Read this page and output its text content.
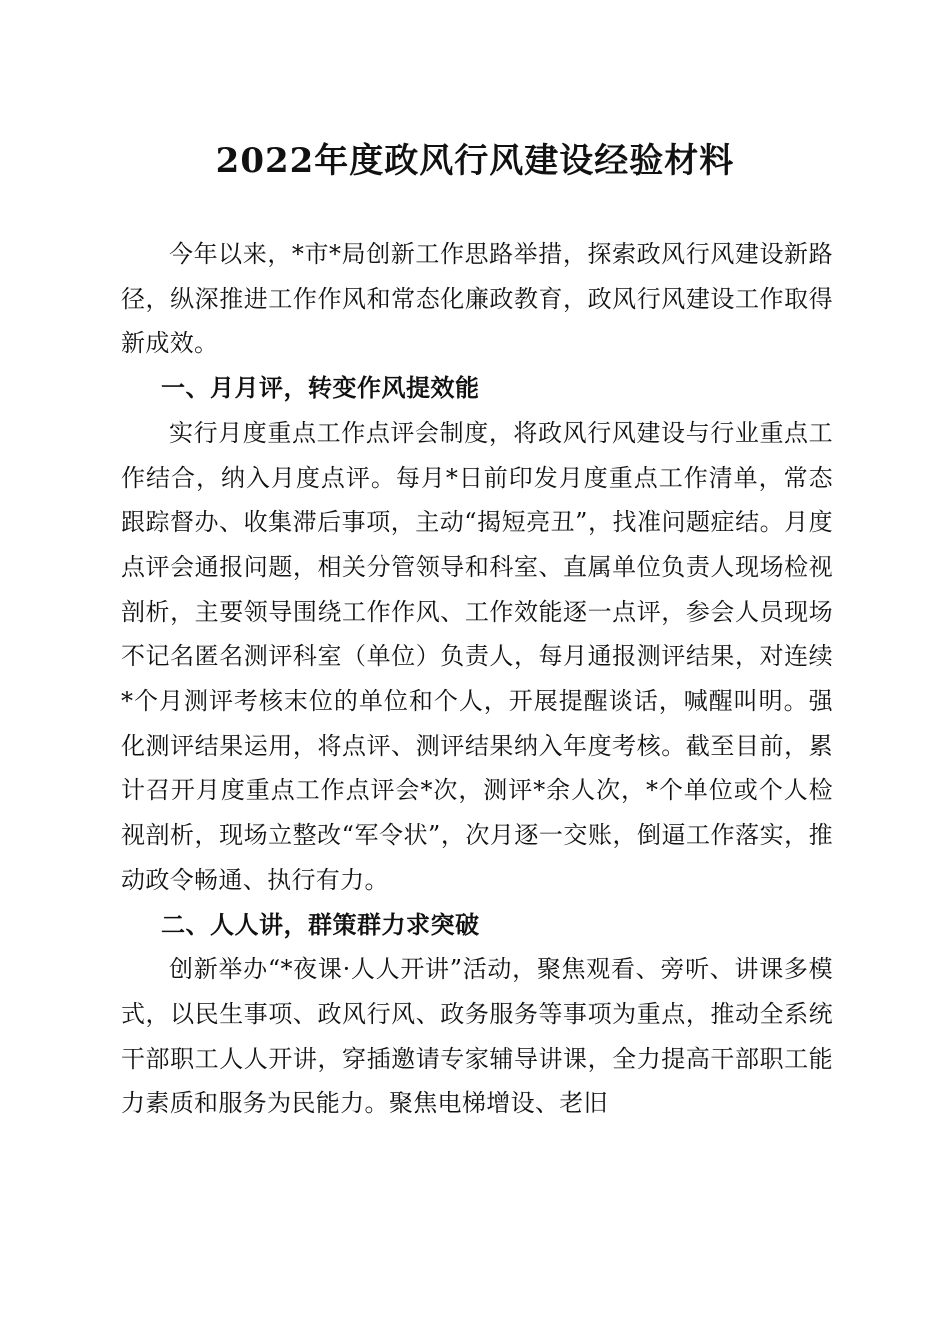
2022年度政风行风建设经验材料

今年以来，*市*局创新工作思路举措，探索政风行风建设新路径，纵深推进工作作风和常态化廉政教育，政风行风建设工作取得新成效。

一、月月评，转变作风提效能

实行月度重点工作点评会制度，将政风行风建设与行业重点工作结合，纳入月度点评。每月*日前印发月度重点工作清单，常态跟踪督办、收集滞后事项，主动“揭短亮丑”，找准问题症结。月度点评会通报问题，相关分管领导和科室、直属单位负责人现场检视剖析，主要领导围绕工作作风、工作效能逐一点评，参会人员现场不记名匿名测评科室（单位）负责人，每月通报测评结果，对连续*个月测评考核末位的单位和个人，开展提醒谈话，喊醒叫明。强化测评结果运用，将点评、测评结果纳入年度考核。截至目前，累计召开月度重点工作点评会*次，测评*余人次，*个单位或个人检视剖析，现场立整改“军令状”，次月逐一交账，倒逼工作落实，推动政令畅通、执行有力。

二、人人讲，群策群力求突破

创新举办“*夜课·人人开讲”活动，聚焦观看、旁听、讲课多模式，以民生事项、政风行风、政务服务等事项为重点，推动全系统干部职工人人开讲，穿插邀请专家辅导讲课，全力提高干部职工能力素质和服务为民能力。聚焦电梯增设、老旧
